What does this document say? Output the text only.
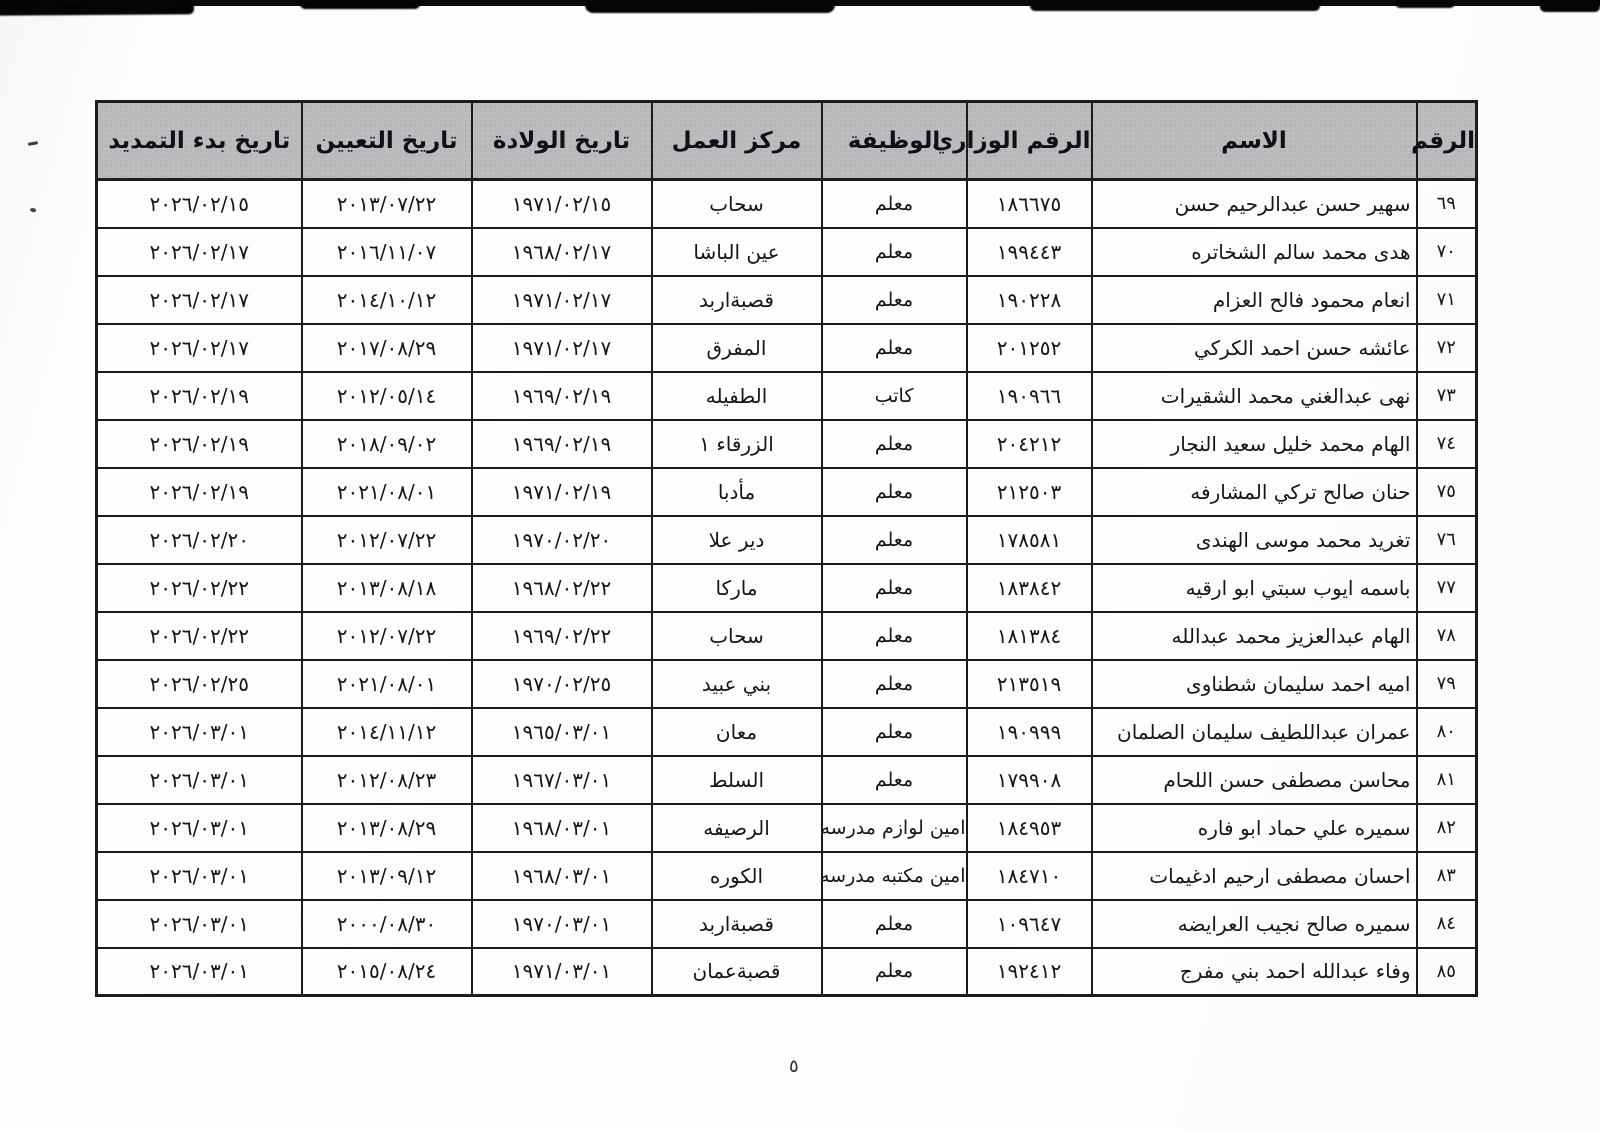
الرقم	الاسم	الرقم الوزاري	الوظيفة	مركز العمل	تاريخ الولادة	تاريخ التعيين	تاريخ بدء التمديد
٦٩	سهير حسن عبدالرحيم حسن	١٨٦٦٧٥	معلم	سحاب	١٩٧١/٠٢/١٥	٢٠١٣/٠٧/٢٢	٢٠٢٦/٠٢/١٥
٧٠	هدى محمد سالم الشخاتره	١٩٩٤٤٣	معلم	عين الباشا	١٩٦٨/٠٢/١٧	٢٠١٦/١١/٠٧	٢٠٢٦/٠٢/١٧
٧١	انعام محمود فالح العزام	١٩٠٢٢٨	معلم	قصبةاربد	١٩٧١/٠٢/١٧	٢٠١٤/١٠/١٢	٢٠٢٦/٠٢/١٧
٧٢	عائشه حسن احمد الكركي	٢٠١٢٥٢	معلم	المفرق	١٩٧١/٠٢/١٧	٢٠١٧/٠٨/٢٩	٢٠٢٦/٠٢/١٧
٧٣	نهى عبدالغني محمد الشقيرات	١٩٠٩٦٦	كاتب	الطفيله	١٩٦٩/٠٢/١٩	٢٠١٢/٠٥/١٤	٢٠٢٦/٠٢/١٩
٧٤	الهام محمد خليل سعيد النجار	٢٠٤٢١٢	معلم	الزرقاء ١	١٩٦٩/٠٢/١٩	٢٠١٨/٠٩/٠٢	٢٠٢٦/٠٢/١٩
٧٥	حنان صالح تركي المشارفه	٢١٢٥٠٣	معلم	مأدبا	١٩٧١/٠٢/١٩	٢٠٢١/٠٨/٠١	٢٠٢٦/٠٢/١٩
٧٦	تغريد محمد موسى الهندى	١٧٨٥٨١	معلم	دير علا	١٩٧٠/٠٢/٢٠	٢٠١٢/٠٧/٢٢	٢٠٢٦/٠٢/٢٠
٧٧	باسمه ايوب سبتي ابو ارقيه	١٨٣٨٤٢	معلم	ماركا	١٩٦٨/٠٢/٢٢	٢٠١٣/٠٨/١٨	٢٠٢٦/٠٢/٢٢
٧٨	الهام عبدالعزيز محمد عبدالله	١٨١٣٨٤	معلم	سحاب	١٩٦٩/٠٢/٢٢	٢٠١٢/٠٧/٢٢	٢٠٢٦/٠٢/٢٢
٧٩	اميه احمد سليمان شطناوى	٢١٣٥١٩	معلم	بني عبيد	١٩٧٠/٠٢/٢٥	٢٠٢١/٠٨/٠١	٢٠٢٦/٠٢/٢٥
٨٠	عمران عبداللطيف سليمان الصلمان	١٩٠٩٩٩	معلم	معان	١٩٦٥/٠٣/٠١	٢٠١٤/١١/١٢	٢٠٢٦/٠٣/٠١
٨١	محاسن مصطفى حسن اللحام	١٧٩٩٠٨	معلم	السلط	١٩٦٧/٠٣/٠١	٢٠١٢/٠٨/٢٣	٢٠٢٦/٠٣/٠١
٨٢	سميره علي حماد ابو فاره	١٨٤٩٥٣	امين لوازم مدرسه	الرصيفه	١٩٦٨/٠٣/٠١	٢٠١٣/٠٨/٢٩	٢٠٢٦/٠٣/٠١
٨٣	احسان مصطفى ارحيم ادغيمات	١٨٤٧١٠	امين مكتبه مدرسه	الكوره	١٩٦٨/٠٣/٠١	٢٠١٣/٠٩/١٢	٢٠٢٦/٠٣/٠١
٨٤	سميره صالح نجيب العرايضه	١٠٩٦٤٧	معلم	قصبةاربد	١٩٧٠/٠٣/٠١	٢٠٠٠/٠٨/٣٠	٢٠٢٦/٠٣/٠١
٨٥	وفاء عبدالله احمد بني مفرج	١٩٢٤١٢	معلم	قصبةعمان	١٩٧١/٠٣/٠١	٢٠١٥/٠٨/٢٤	٢٠٢٦/٠٣/٠١
٥
